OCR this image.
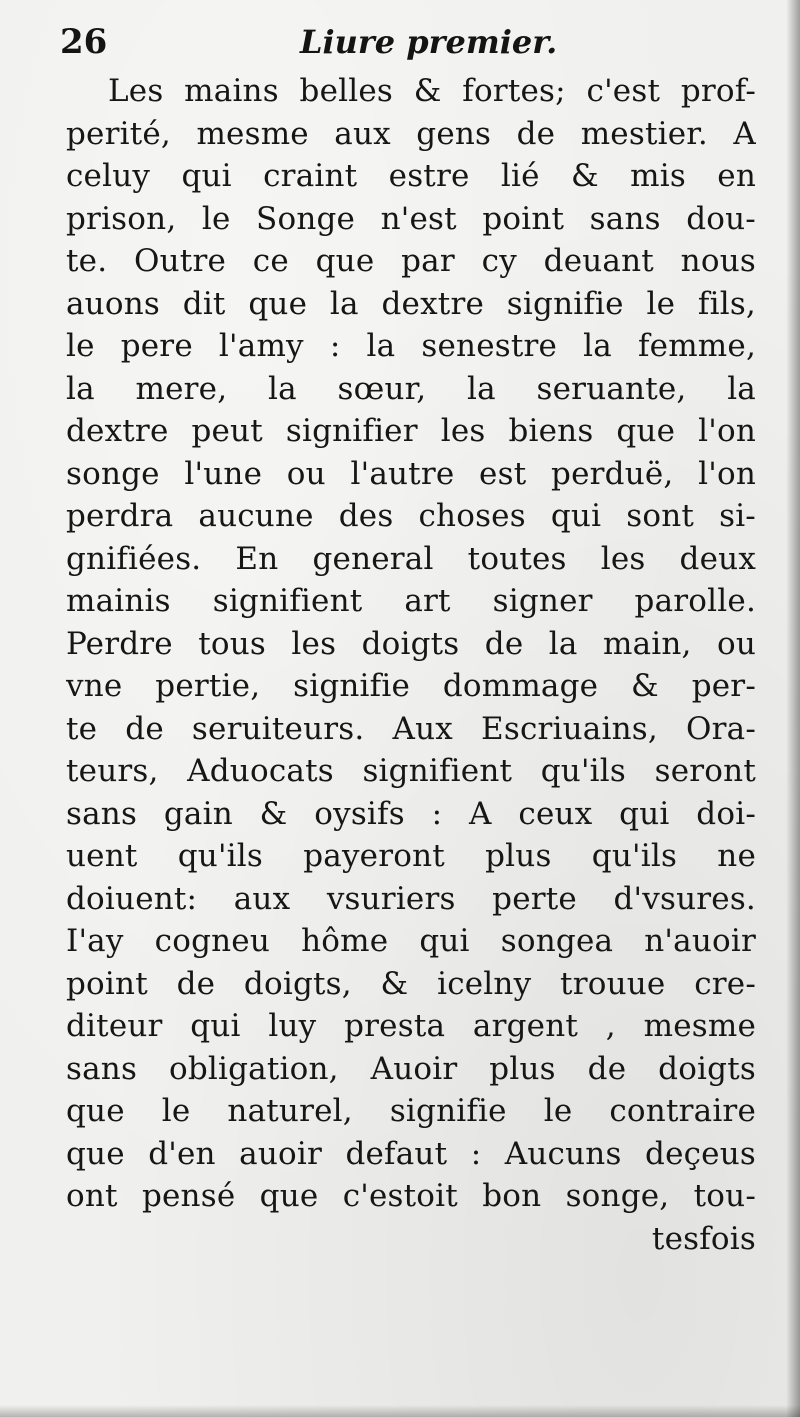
26	Liure premier.
Les mains belles & fortes; c'est prof-
perité, mesme aux gens de mestier. A
celuy qui craint estre lié & mis en
prison, le Songe n'est point sans dou-
te. Outre ce que par cy deuant nous
auons dit que la dextre signifie le fils,
le pere l'amy : la senestre la femme,
la mere, la sœur, la seruante, la
dextre peut signifier les biens que l'on
songe l'une ou l'autre est perduë, l'on
perdra aucune des choses qui sont si-
gnifiées. En general toutes les deux
mainis signifient art signer parolle.
Perdre tous les doigts de la main, ou
vne pertie, signifie dommage & per-
te de seruiteurs. Aux Escriuains, Ora-
teurs, Aduocats signifient qu'ils seront
sans gain & oysifs : A ceux qui doi-
uent qu'ils payeront plus qu'ils ne
doiuent: aux vsuriers perte d'vsures.
I'ay cogneu hôme qui songea n'auoir
point de doigts, & icelny trouue cre-
diteur qui luy presta argent , mesme
sans obligation, Auoir plus de doigts
que le naturel, signifie le contraire
que d'en auoir defaut : Aucuns deçeus
ont pensé que c'estoit bon songe, tou-
tesfois
